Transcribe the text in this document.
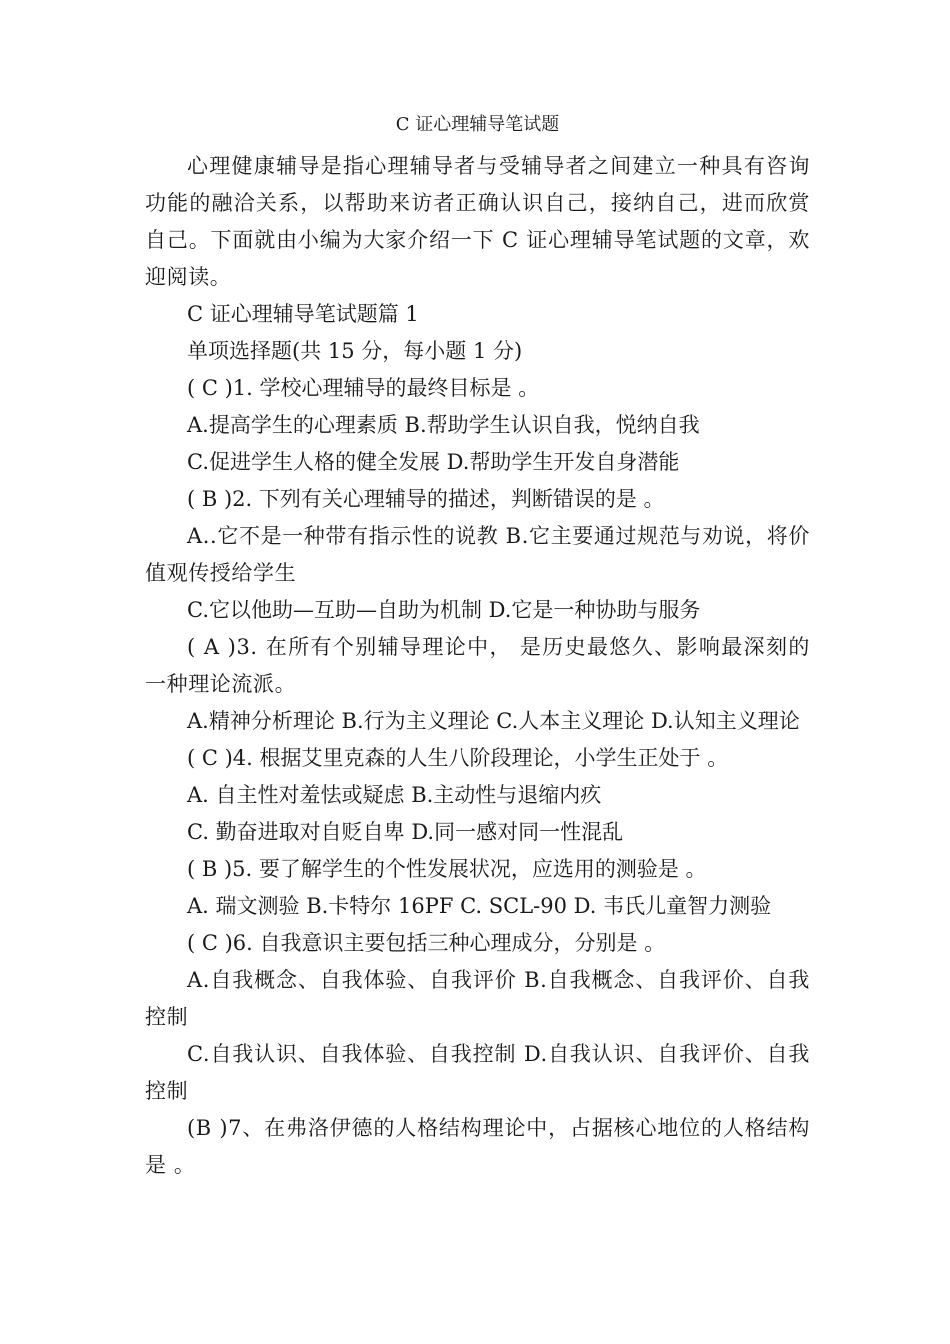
C 证心理辅导笔试题

心理健康辅导是指心理辅导者与受辅导者之间建立一种具有咨询功能的融洽关系，以帮助来访者正确认识自己，接纳自己，进而欣赏自己。下面就由小编为大家介绍一下 C 证心理辅导笔试题的文章，欢迎阅读。

C 证心理辅导笔试题篇 1

单项选择题(共 15 分，每小题 1 分)

( C )1. 学校心理辅导的最终目标是 。

A.提高学生的心理素质 B.帮助学生认识自我，悦纳自我

C.促进学生人格的健全发展 D.帮助学生开发自身潜能

( B )2. 下列有关心理辅导的描述，判断错误的是 。

A..它不是一种带有指示性的说教 B.它主要通过规范与劝说，将价值观传授给学生

C.它以他助—互助—自助为机制 D.它是一种协助与服务

( A )3. 在所有个别辅导理论中， 是历史最悠久、影响最深刻的一种理论流派。

A.精神分析理论 B.行为主义理论 C.人本主义理论 D.认知主义理论

( C )4. 根据艾里克森的人生八阶段理论，小学生正处于 。

A. 自主性对羞怯或疑虑 B.主动性与退缩内疚

C. 勤奋进取对自贬自卑 D.同一感对同一性混乱

( B )5. 要了解学生的个性发展状况，应选用的测验是 。

A. 瑞文测验 B.卡特尔 16PF C. SCL-90 D. 韦氏儿童智力测验

( C )6. 自我意识主要包括三种心理成分，分别是 。

A.自我概念、自我体验、自我评价 B.自我概念、自我评价、自我控制

C.自我认识、自我体验、自我控制 D.自我认识、自我评价、自我控制

(B )7、在弗洛伊德的人格结构理论中，占据核心地位的人格结构是 。
